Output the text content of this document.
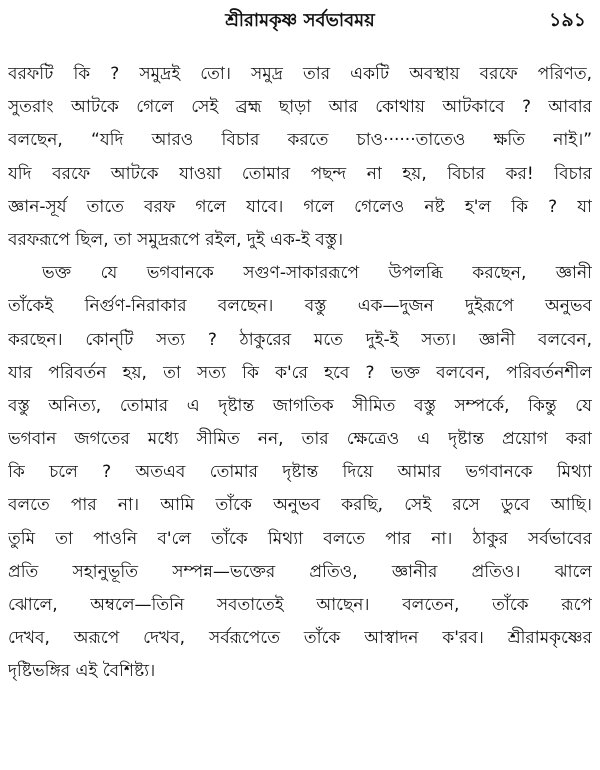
শ্রীরামকৃষ্ণ সর্বভাবময়	১৯১
বরফটি কি ? সমুদ্রই তো। সমুদ্র তার একটি অবস্থায় বরফে পরিণত,
সুতরাং আটকে গেলে সেই ব্রহ্ম ছাড়া আর কোথায় আটকাবে ? আবার
বলছেন, “যদি আরও বিচার করতে চাও······তাতেও ক্ষতি নাই।”
যদি বরফে আটকে যাওয়া তোমার পছন্দ না হয়, বিচার কর! বিচার
জ্ঞান-সূর্য তাতে বরফ গলে যাবে। গলে গেলেও নষ্ট হ'ল কি ? যা
বরফরূপে ছিল, তা সমুদ্ররূপে রইল, দুই এক-ই বস্তু।
ভক্ত যে ভগবানকে সগুণ-সাকাররূপে উপলব্ধি করছেন, জ্ঞানী
তাঁকেই নির্গুণ-নিরাকার বলছেন। বস্তু এক—দুজন দুইরূপে অনুভব
করছেন। কোন্‌টি সত্য ? ঠাকুরের মতে দুই-ই সত্য। জ্ঞানী বলবেন,
যার পরিবর্তন হয়, তা সত্য কি ক'রে হবে ? ভক্ত বলবেন, পরিবর্তনশীল
বস্তু অনিত্য, তোমার এ দৃষ্টান্ত জাগতিক সীমিত বস্তু সম্পর্কে, কিন্তু যে
ভগবান জগতের মধ্যে সীমিত নন, তার ক্ষেত্রেও এ দৃষ্টান্ত প্রয়োগ করা
কি চলে ? অতএব তোমার দৃষ্টান্ত দিয়ে আমার ভগবানকে মিথ্যা
বলতে পার না। আমি তাঁকে অনুভব করছি, সেই রসে ডুবে আছি।
তুমি তা পাওনি ব'লে তাঁকে মিথ্যা বলতে পার না। ঠাকুর সর্বভাবের
প্রতি সহানুভূতি সম্পন্ন—ভক্তের প্রতিও, জ্ঞানীর প্রতিও। ঝালে
ঝোলে, অম্বলে—তিনি সবতাতেই আছেন। বলতেন, তাঁকে রূপে
দেখব, অরূপে দেখব, সর্বরূপেতে তাঁকে আস্বাদন ক'রব। শ্রীরামকৃষ্ণের
দৃষ্টিভঙ্গির এই বৈশিষ্ট্য।
